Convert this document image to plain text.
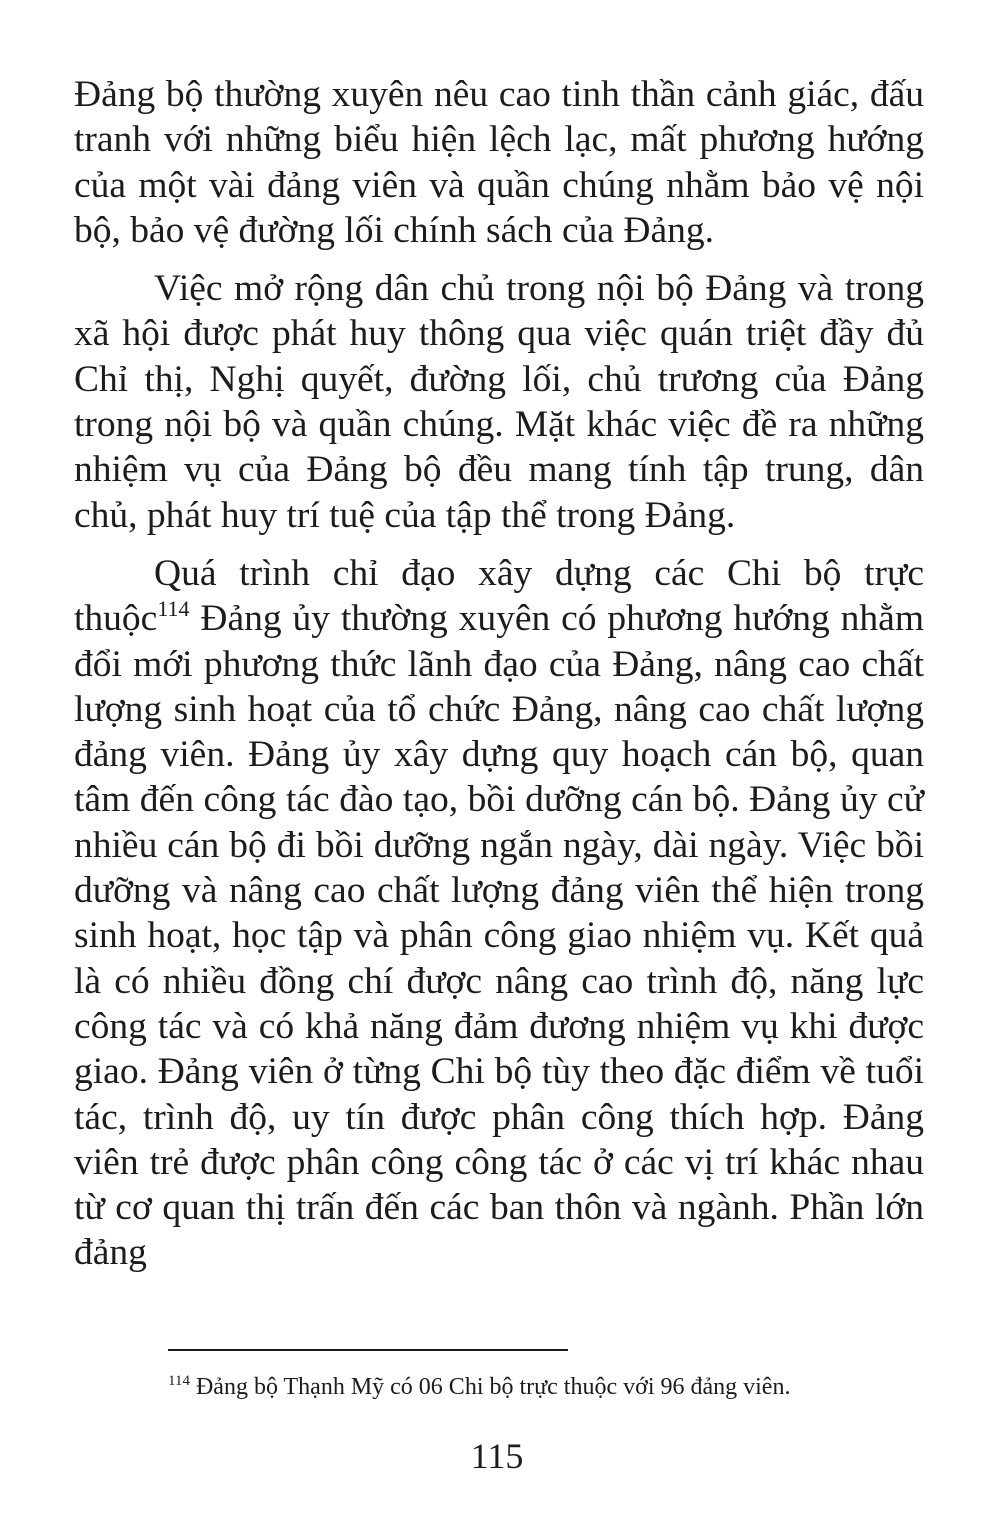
Đảng bộ thường xuyên nêu cao tinh thần cảnh giác, đấu tranh với những biểu hiện lệch lạc, mất phương hướng của một vài đảng viên và quần chúng nhằm bảo vệ nội bộ, bảo vệ đường lối chính sách của Đảng.

Việc mở rộng dân chủ trong nội bộ Đảng và trong xã hội được phát huy thông qua việc quán triệt đầy đủ Chỉ thị, Nghị quyết, đường lối, chủ trương của Đảng trong nội bộ và quần chúng. Mặt khác việc đề ra những nhiệm vụ của Đảng bộ đều mang tính tập trung, dân chủ, phát huy trí tuệ của tập thể trong Đảng.

Quá trình chỉ đạo xây dựng các Chi bộ trực thuộc$^{114}$ Đảng ủy thường xuyên có phương hướng nhằm đổi mới phương thức lãnh đạo của Đảng, nâng cao chất lượng sinh hoạt của tổ chức Đảng, nâng cao chất lượng đảng viên. Đảng ủy xây dựng quy hoạch cán bộ, quan tâm đến công tác đào tạo, bồi dưỡng cán bộ. Đảng ủy cử nhiều cán bộ đi bồi dưỡng ngắn ngày, dài ngày. Việc bồi dưỡng và nâng cao chất lượng đảng viên thể hiện trong sinh hoạt, học tập và phân công giao nhiệm vụ. Kết quả là có nhiều đồng chí được nâng cao trình độ, năng lực công tác và có khả năng đảm đương nhiệm vụ khi được giao. Đảng viên ở từng Chi bộ tùy theo đặc điểm về tuổi tác, trình độ, uy tín được phân công thích hợp. Đảng viên trẻ được phân công công tác ở các vị trí khác nhau từ cơ quan thị trấn đến các ban thôn và ngành. Phần lớn đảng

$^{114}$ Đảng bộ Thạnh Mỹ có 06 Chi bộ trực thuộc với 96 đảng viên.
115
